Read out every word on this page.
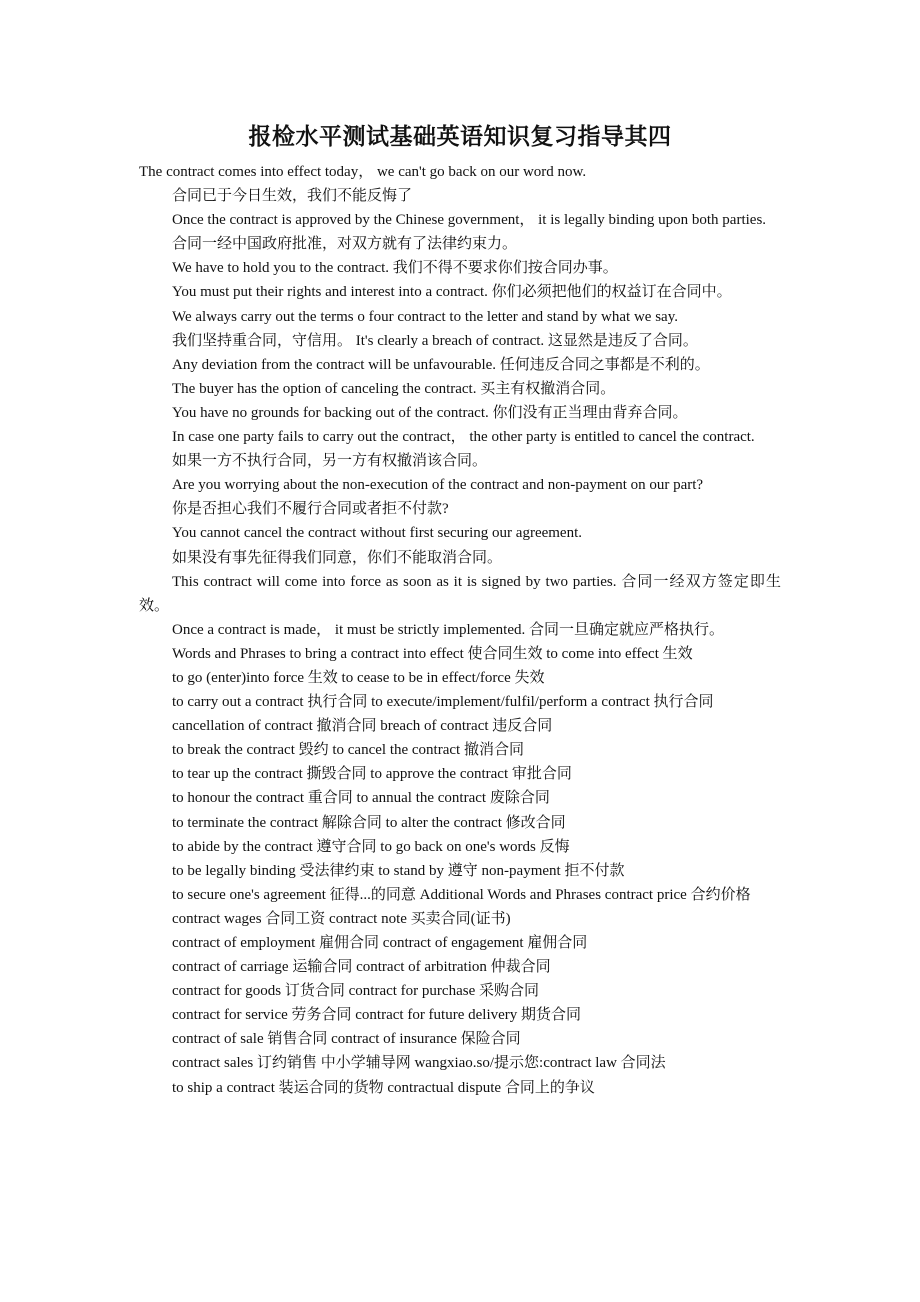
报检水平测试基础英语知识复习指导其四

The contract comes into effect today， we can't go back on our word now.

合同已于今日生效，我们不能反悔了

Once the contract is approved by the Chinese government， it is legally binding upon both parties.

合同一经中国政府批准，对双方就有了法律约束力。

We have to hold you to the contract. 我们不得不要求你们按合同办事。

You must put their rights and interest into a contract. 你们必须把他们的权益订在合同中。

We always carry out the terms o four contract to the letter and stand by what we say.

我们坚持重合同，守信用。 It's clearly a breach of contract. 这显然是违反了合同。

Any deviation from the contract will be unfavourable. 任何违反合同之事都是不利的。

The buyer has the option of canceling the contract. 买主有权撤消合同。

You have no grounds for backing out of the contract. 你们没有正当理由背弃合同。

In case one party fails to carry out the contract， the other party is entitled to cancel the contract.

如果一方不执行合同，另一方有权撤消该合同。

Are you worrying about the non-execution of the contract and non-payment on our part?

你是否担心我们不履行合同或者拒不付款?

You cannot cancel the contract without first securing our agreement.

如果没有事先征得我们同意，你们不能取消合同。

This contract will come into force as soon as it is signed by two parties. 合同一经双方签定即生效。

Once a contract is made， it must be strictly implemented. 合同一旦确定就应严格执行。

Words and Phrases to bring a contract into effect 使合同生效 to come into effect 生效

to go (enter)into force 生效 to cease to be in effect/force 失效

to carry out a contract 执行合同 to execute/implement/fulfil/perform a contract 执行合同

cancellation of contract 撤消合同 breach of contract 违反合同

to break the contract 毁约 to cancel the contract 撤消合同

to tear up the contract 撕毁合同 to approve the contract 审批合同

to honour the contract 重合同 to annual the contract 废除合同

to terminate the contract 解除合同 to alter the contract 修改合同

to abide by the contract 遵守合同 to go back on one's words 反悔

to be legally binding 受法律约束 to stand by 遵守 non-payment 拒不付款

to secure one's agreement 征得...的同意 Additional Words and Phrases contract price 合约价格

contract wages 合同工资 contract note 买卖合同(证书)

contract of employment 雇佣合同 contract of engagement 雇佣合同

contract of carriage 运输合同 contract of arbitration 仲裁合同

contract for goods 订货合同 contract for purchase 采购合同

contract for service 劳务合同 contract for future delivery 期货合同

contract of sale 销售合同 contract of insurance 保险合同

contract sales 订约销售 中小学辅导网 wangxiao.so/提示您:contract law 合同法

to ship a contract 装运合同的货物 contractual dispute 合同上的争议
